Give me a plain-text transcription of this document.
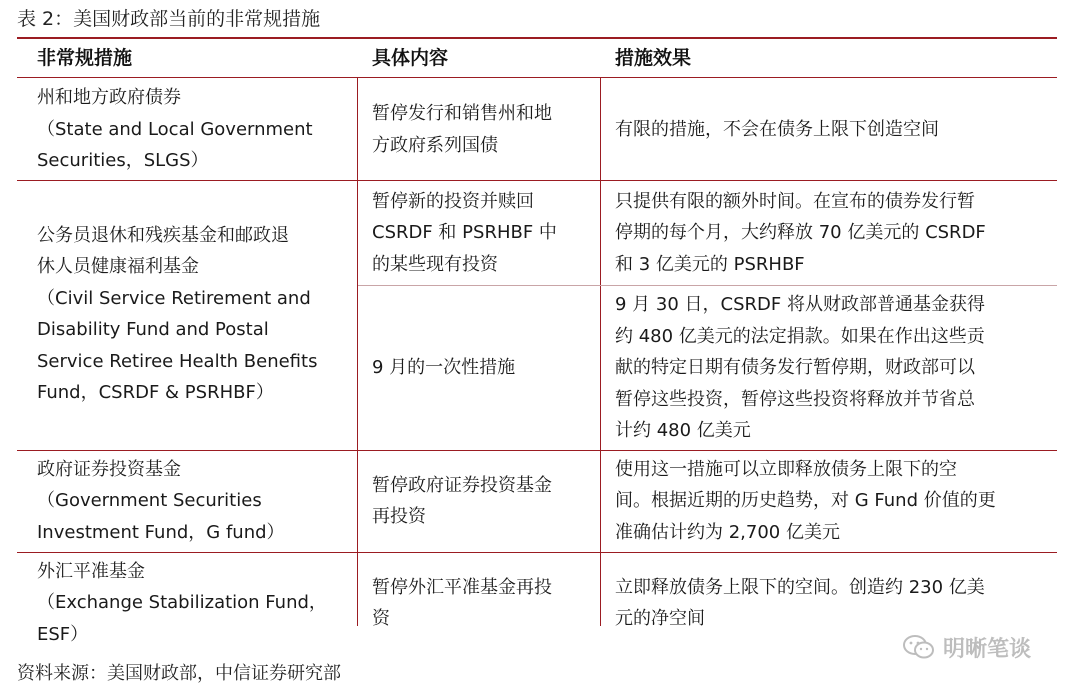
表 2：美国财政部当前的非常规措施
非常规措施	具体内容	措施效果
州和地方政府债券
（State and Local Government
Securities，SLGS）
暂停发行和销售州和地
方政府系列国债
有限的措施，不会在债务上限下创造空间
公务员退休和残疾基金和邮政退
休人员健康福利基金
（Civil Service Retirement and
Disability Fund and Postal
Service Retiree Health Benefits
Fund，CSRDF & PSRHBF）
暂停新的投资并赎回
CSRDF 和 PSRHBF 中
的某些现有投资
只提供有限的额外时间。在宣布的债券发行暂
停期的每个月，大约释放 70 亿美元的 CSRDF
和 3 亿美元的 PSRHBF
9 月的一次性措施
9 月 30 日，CSRDF 将从财政部普通基金获得
约 480 亿美元的法定捐款。如果在作出这些贡
献的特定日期有债务发行暂停期，财政部可以
暂停这些投资，暂停这些投资将释放并节省总
计约 480 亿美元
政府证券投资基金
（Government Securities
Investment Fund，G fund）
暂停政府证券投资基金
再投资
使用这一措施可以立即释放债务上限下的空
间。根据近期的历史趋势，对 G Fund 价值的更
准确估计约为 2,700 亿美元
外汇平准基金
（Exchange Stabilization Fund，
ESF）
暂停外汇平准基金再投
资
立即释放债务上限下的空间。创造约 230 亿美
元的净空间
明晰笔谈
资料来源：美国财政部，中信证券研究部
